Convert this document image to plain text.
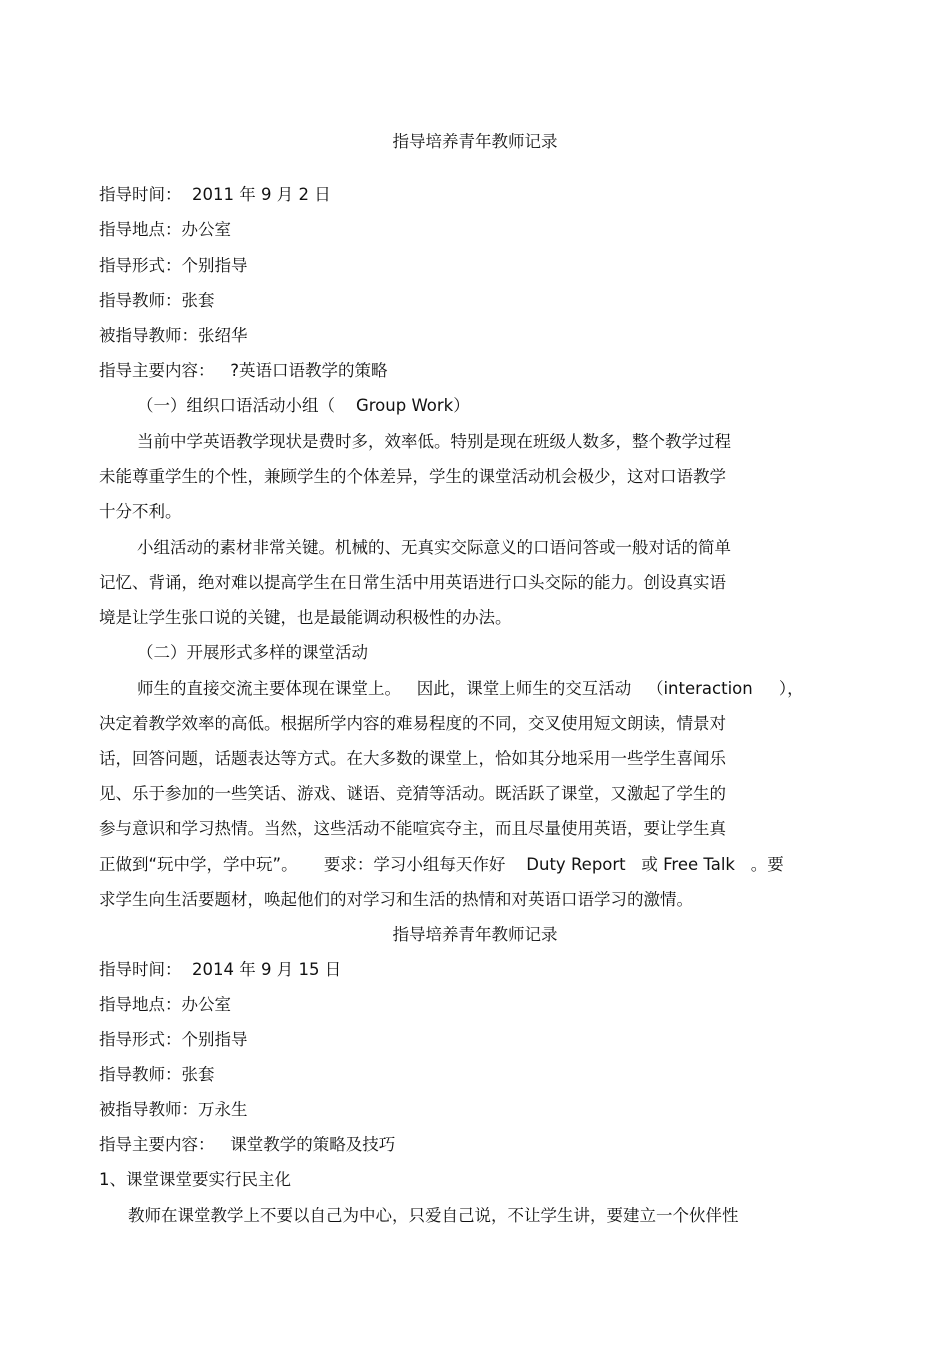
指导培养青年教师记录
指导时间：  2011 年 9 月 2 日
指导地点：办公室
指导形式：个别指导
指导教师：张套
被指导教师：张绍华
指导主要内容：   ?英语口语教学的策略
（一）组织口语活动小组（    Group Work）
当前中学英语教学现状是费时多，效率低。特别是现在班级人数多，整个教学过程
未能尊重学生的个性，兼顾学生的个体差异，学生的课堂活动机会极少，这对口语教学
十分不利。
小组活动的素材非常关键。机械的、无真实交际意义的口语问答或一般对话的简单
记忆、背诵，绝对难以提高学生在日常生活中用英语进行口头交际的能力。创设真实语
境是让学生张口说的关键，也是最能调动积极性的办法。
（二）开展形式多样的课堂活动
师生的直接交流主要体现在课堂上。   因此，课堂上师生的交互活动   （interaction     ），
决定着教学效率的高低。根据所学内容的难易程度的不同，交叉使用短文朗读，情景对
话，回答问题，话题表达等方式。在大多数的课堂上，恰如其分地采用一些学生喜闻乐
见、乐于参加的一些笑话、游戏、谜语、竞猜等活动。既活跃了课堂，又激起了学生的
参与意识和学习热情。当然，这些活动不能喧宾夺主，而且尽量使用英语，要让学生真
正做到“玩中学，学中玩”。     要求：学习小组每天作好    Duty Report   或 Free Talk   。要
求学生向生活要题材，唤起他们的对学习和生活的热情和对英语口语学习的激情。
指导培养青年教师记录
指导时间：  2014 年 9 月 15 日
指导地点：办公室
指导形式：个别指导
指导教师：张套
被指导教师：万永生
指导主要内容：   课堂教学的策略及技巧
1、课堂课堂要实行民主化
教师在课堂教学上不要以自己为中心，只爱自己说，不让学生讲，要建立一个伙伴性
